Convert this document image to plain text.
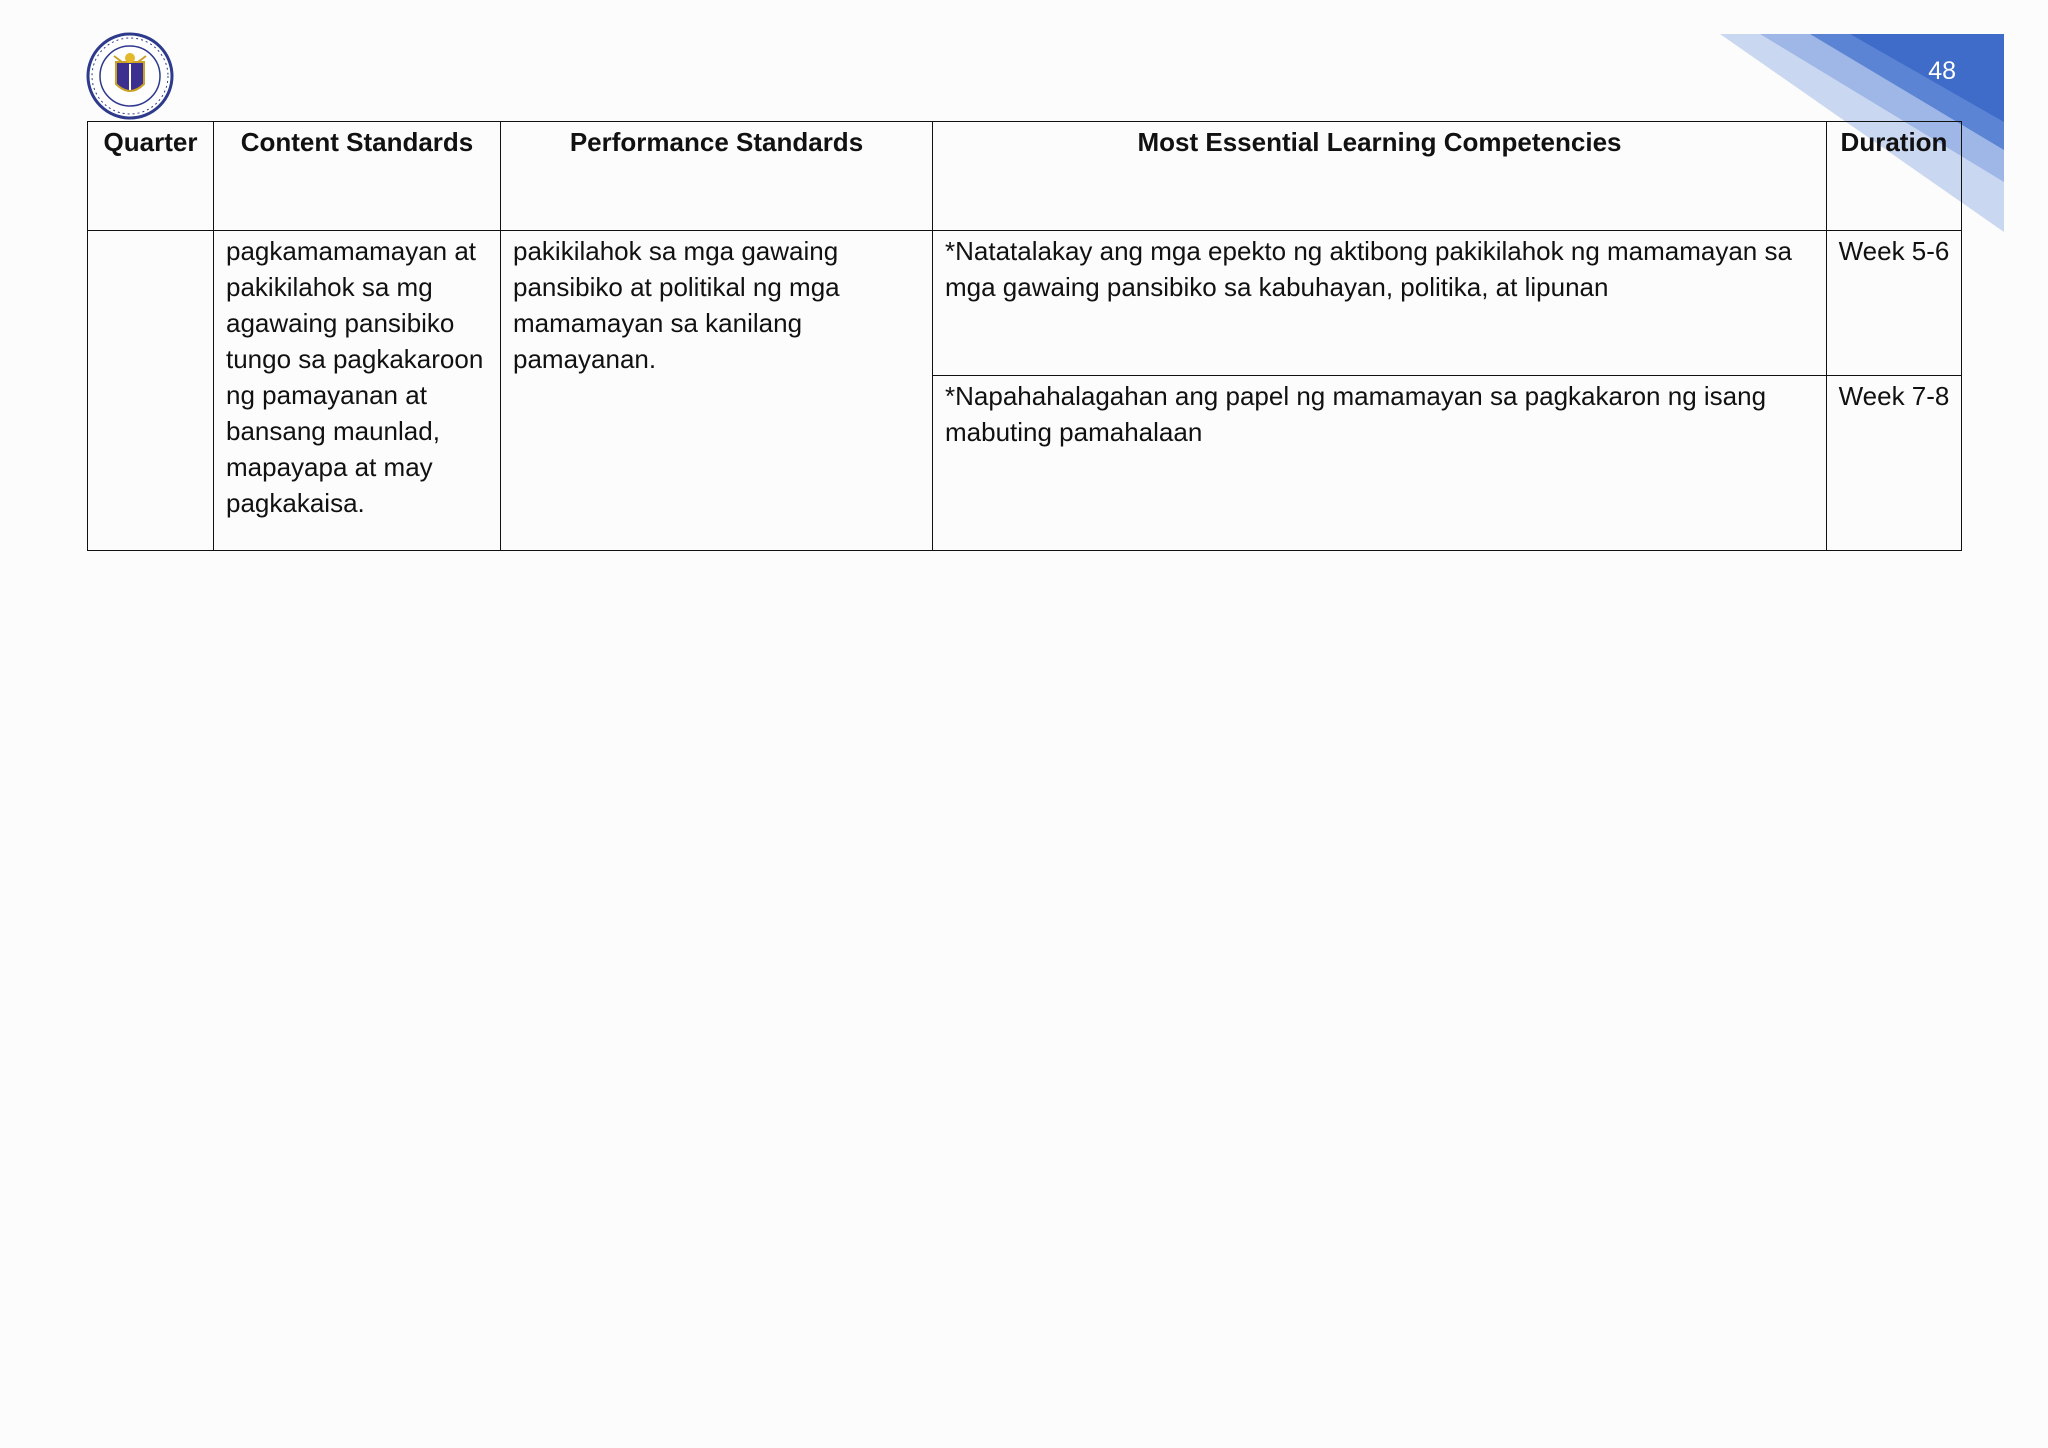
48
Quarter	Content Standards	Performance Standards	Most Essential Learning Competencies	Duration
	pagkamamamayan at pakikilahok sa mg agawaing pansibiko tungo sa pagkakaroon ng pamayanan at bansang maunlad, mapayapa at may pagkakaisa.	pakikilahok sa mga gawaing pansibiko at politikal ng mga mamamayan sa kanilang pamayanan.	*Natatalakay ang mga epekto ng aktibong pakikilahok ng mamamayan sa mga gawaing pansibiko sa kabuhayan, politika, at lipunan	Week 5-6
			*Napahahalagahan ang papel ng mamamayan sa pagkakaron ng isang mabuting pamahalaan	Week 7-8
